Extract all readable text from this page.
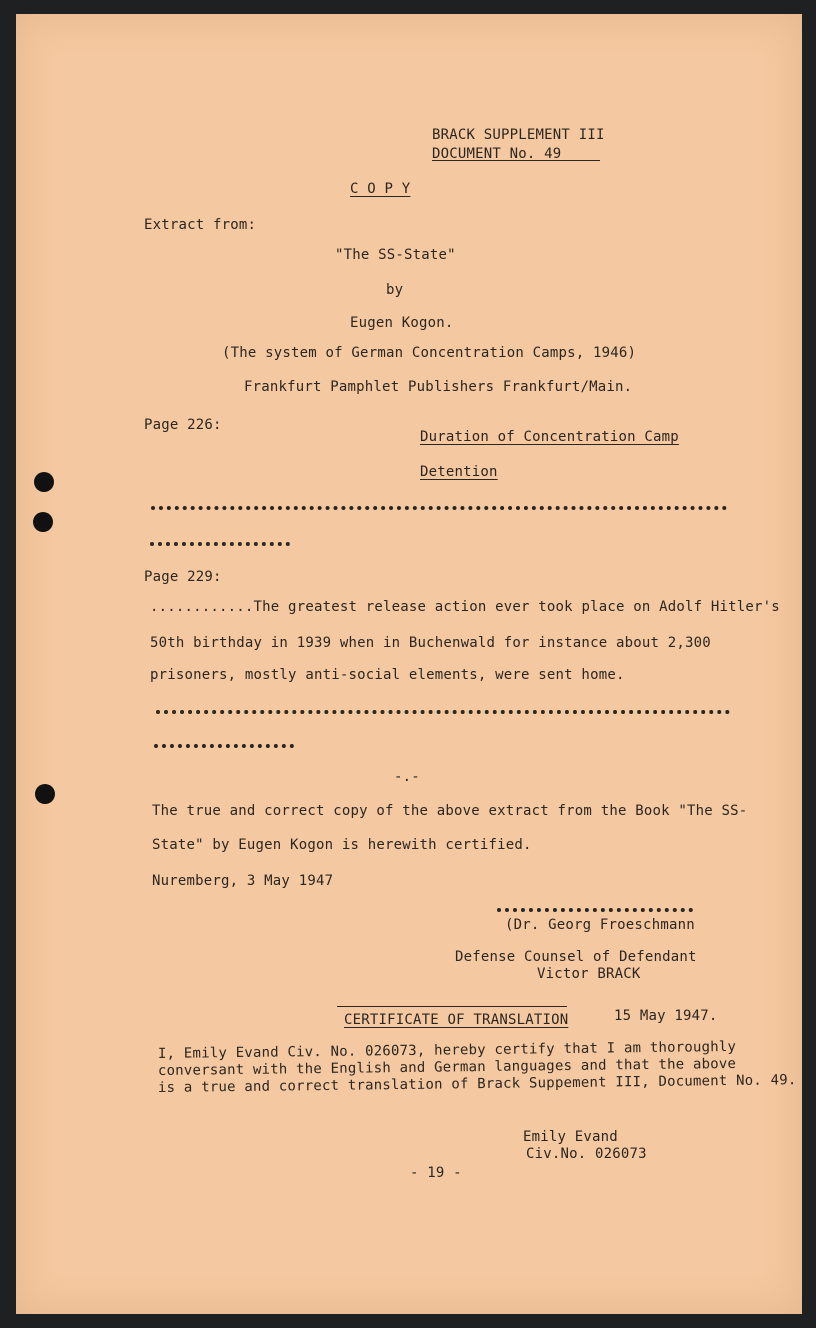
BRACK SUPPLEMENT III
DOCUMENT No. 49
C O P Y
Extract from:
"The SS-State"
by
Eugen Kogon.
(The system of German Concentration Camps, 1946)
Frankfurt Pamphlet Publishers Frankfurt/Main.
Page 226:
Duration of Concentration Camp
Detention
Page 229:
............The greatest release action ever took place on Adolf Hitler's
50th birthday in 1939 when in Buchenwald for instance about 2,300
prisoners, mostly anti-social elements, were sent home.
-.-
The true and correct copy of the above extract from the Book "The SS-
State" by Eugen Kogon is herewith certified.
Nuremberg, 3 May 1947
(Dr. Georg Froeschmann
Defense Counsel of Defendant
Victor BRACK
CERTIFICATE OF TRANSLATION	15 May 1947.
I, Emily Evand Civ. No. 026073, hereby certify that I am thoroughly
conversant with the English and German languages and that the above
is a true and correct translation of Brack Suppement III, Document No. 49.
Emily Evand
Civ.No. 026073
- 19 -
